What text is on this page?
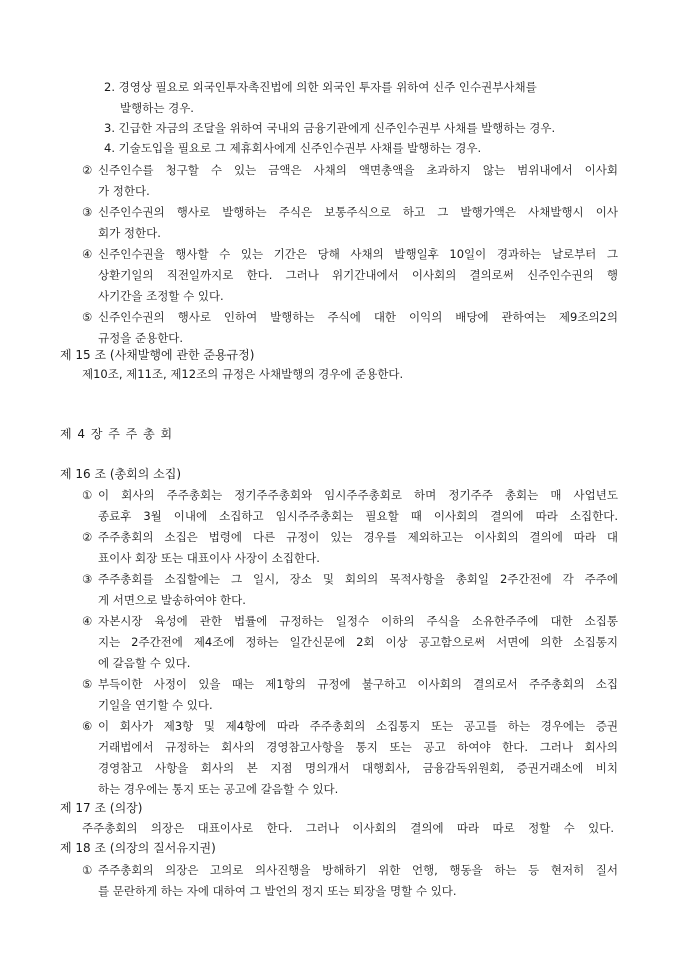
2. 경영상 필요로 외국인투자촉진법에 의한 외국인 투자를 위하여 신주 인수권부사채를
발행하는 경우.
3. 긴급한 자금의 조달을 위하여 국내외 금융기관에게 신주인수권부 사채를 발행하는 경우.
4. 기술도입을 필요로 그 제휴회사에게 신주인수권부 사채를 발행하는 경우.
② 신주인수를 청구할 수 있는 금액은 사채의 액면총액을 초과하지 않는 범위내에서 이사회
가 정한다.
③ 신주인수권의 행사로 발행하는 주식은 보통주식으로 하고 그 발행가액은 사채발행시 이사
회가 정한다.
④ 신주인수권을 행사할 수 있는 기간은 당해 사채의 발행일후 10일이 경과하는 날로부터 그
상환기일의 직전일까지로 한다. 그러나 위기간내에서 이사회의 결의로써 신주인수권의 행
사기간을 조정할 수 있다.
⑤ 신주인수권의 행사로 인하여 발행하는 주식에 대한 이익의 배당에 관하여는 제9조의2의
규정을 준용한다.
제 15 조 (사채발행에 관한 준용규정)
제10조, 제11조, 제12조의 규정은 사채발행의 경우에 준용한다.
제 4 장 주 주 총 회
제 16 조 (총회의 소집)
① 이 회사의 주주총회는 정기주주총회와 임시주주총회로 하며 정기주주 총회는 매 사업년도
종료후 3월 이내에 소집하고 임시주주총회는 필요할 때 이사회의 결의에 따라 소집한다.
② 주주총회의 소집은 법령에 다른 규정이 있는 경우를 제외하고는 이사회의 결의에 따라 대
표이사 회장 또는 대표이사 사장이 소집한다.
③ 주주총회를 소집할에는 그 일시, 장소 및 회의의 목적사항을 총회일 2주간전에 각 주주에
게 서면으로 발송하여야 한다.
④ 자본시장 육성에 관한 법률에 규정하는 일정수 이하의 주식을 소유한주주에 대한 소집통
지는 2주간전에 제4조에 정하는 일간신문에 2회 이상 공고함으로써 서면에 의한 소집통지
에 갈음할 수 있다.
⑤ 부득이한 사정이 있을 때는 제1항의 규정에 불구하고 이사회의 결의로서 주주총회의 소집
기일을 연기할 수 있다.
⑥ 이 회사가 제3항 및 제4항에 따라 주주총회의 소집통지 또는 공고를 하는 경우에는 증권
거래법에서 규정하는 회사의 경영참고사항을 통지 또는 공고 하여야 한다. 그러나 회사의
경영참고 사항을 회사의 본 지점 명의개서 대행회사, 금융감독위원회, 증권거래소에 비치
하는 경우에는 통지 또는 공고에 갈음할 수 있다.
제 17 조 (의장)
주주총회의 의장은 대표이사로 한다. 그러나 이사회의 결의에 따라 따로 정할 수 있다.
제 18 조 (의장의 질서유지권)
① 주주총회의 의장은 고의로 의사진행을 방해하기 위한 언행, 행동을 하는 등 현저히 질서
를 문란하게 하는 자에 대하여 그 발언의 정지 또는 퇴장을 명할 수 있다.
